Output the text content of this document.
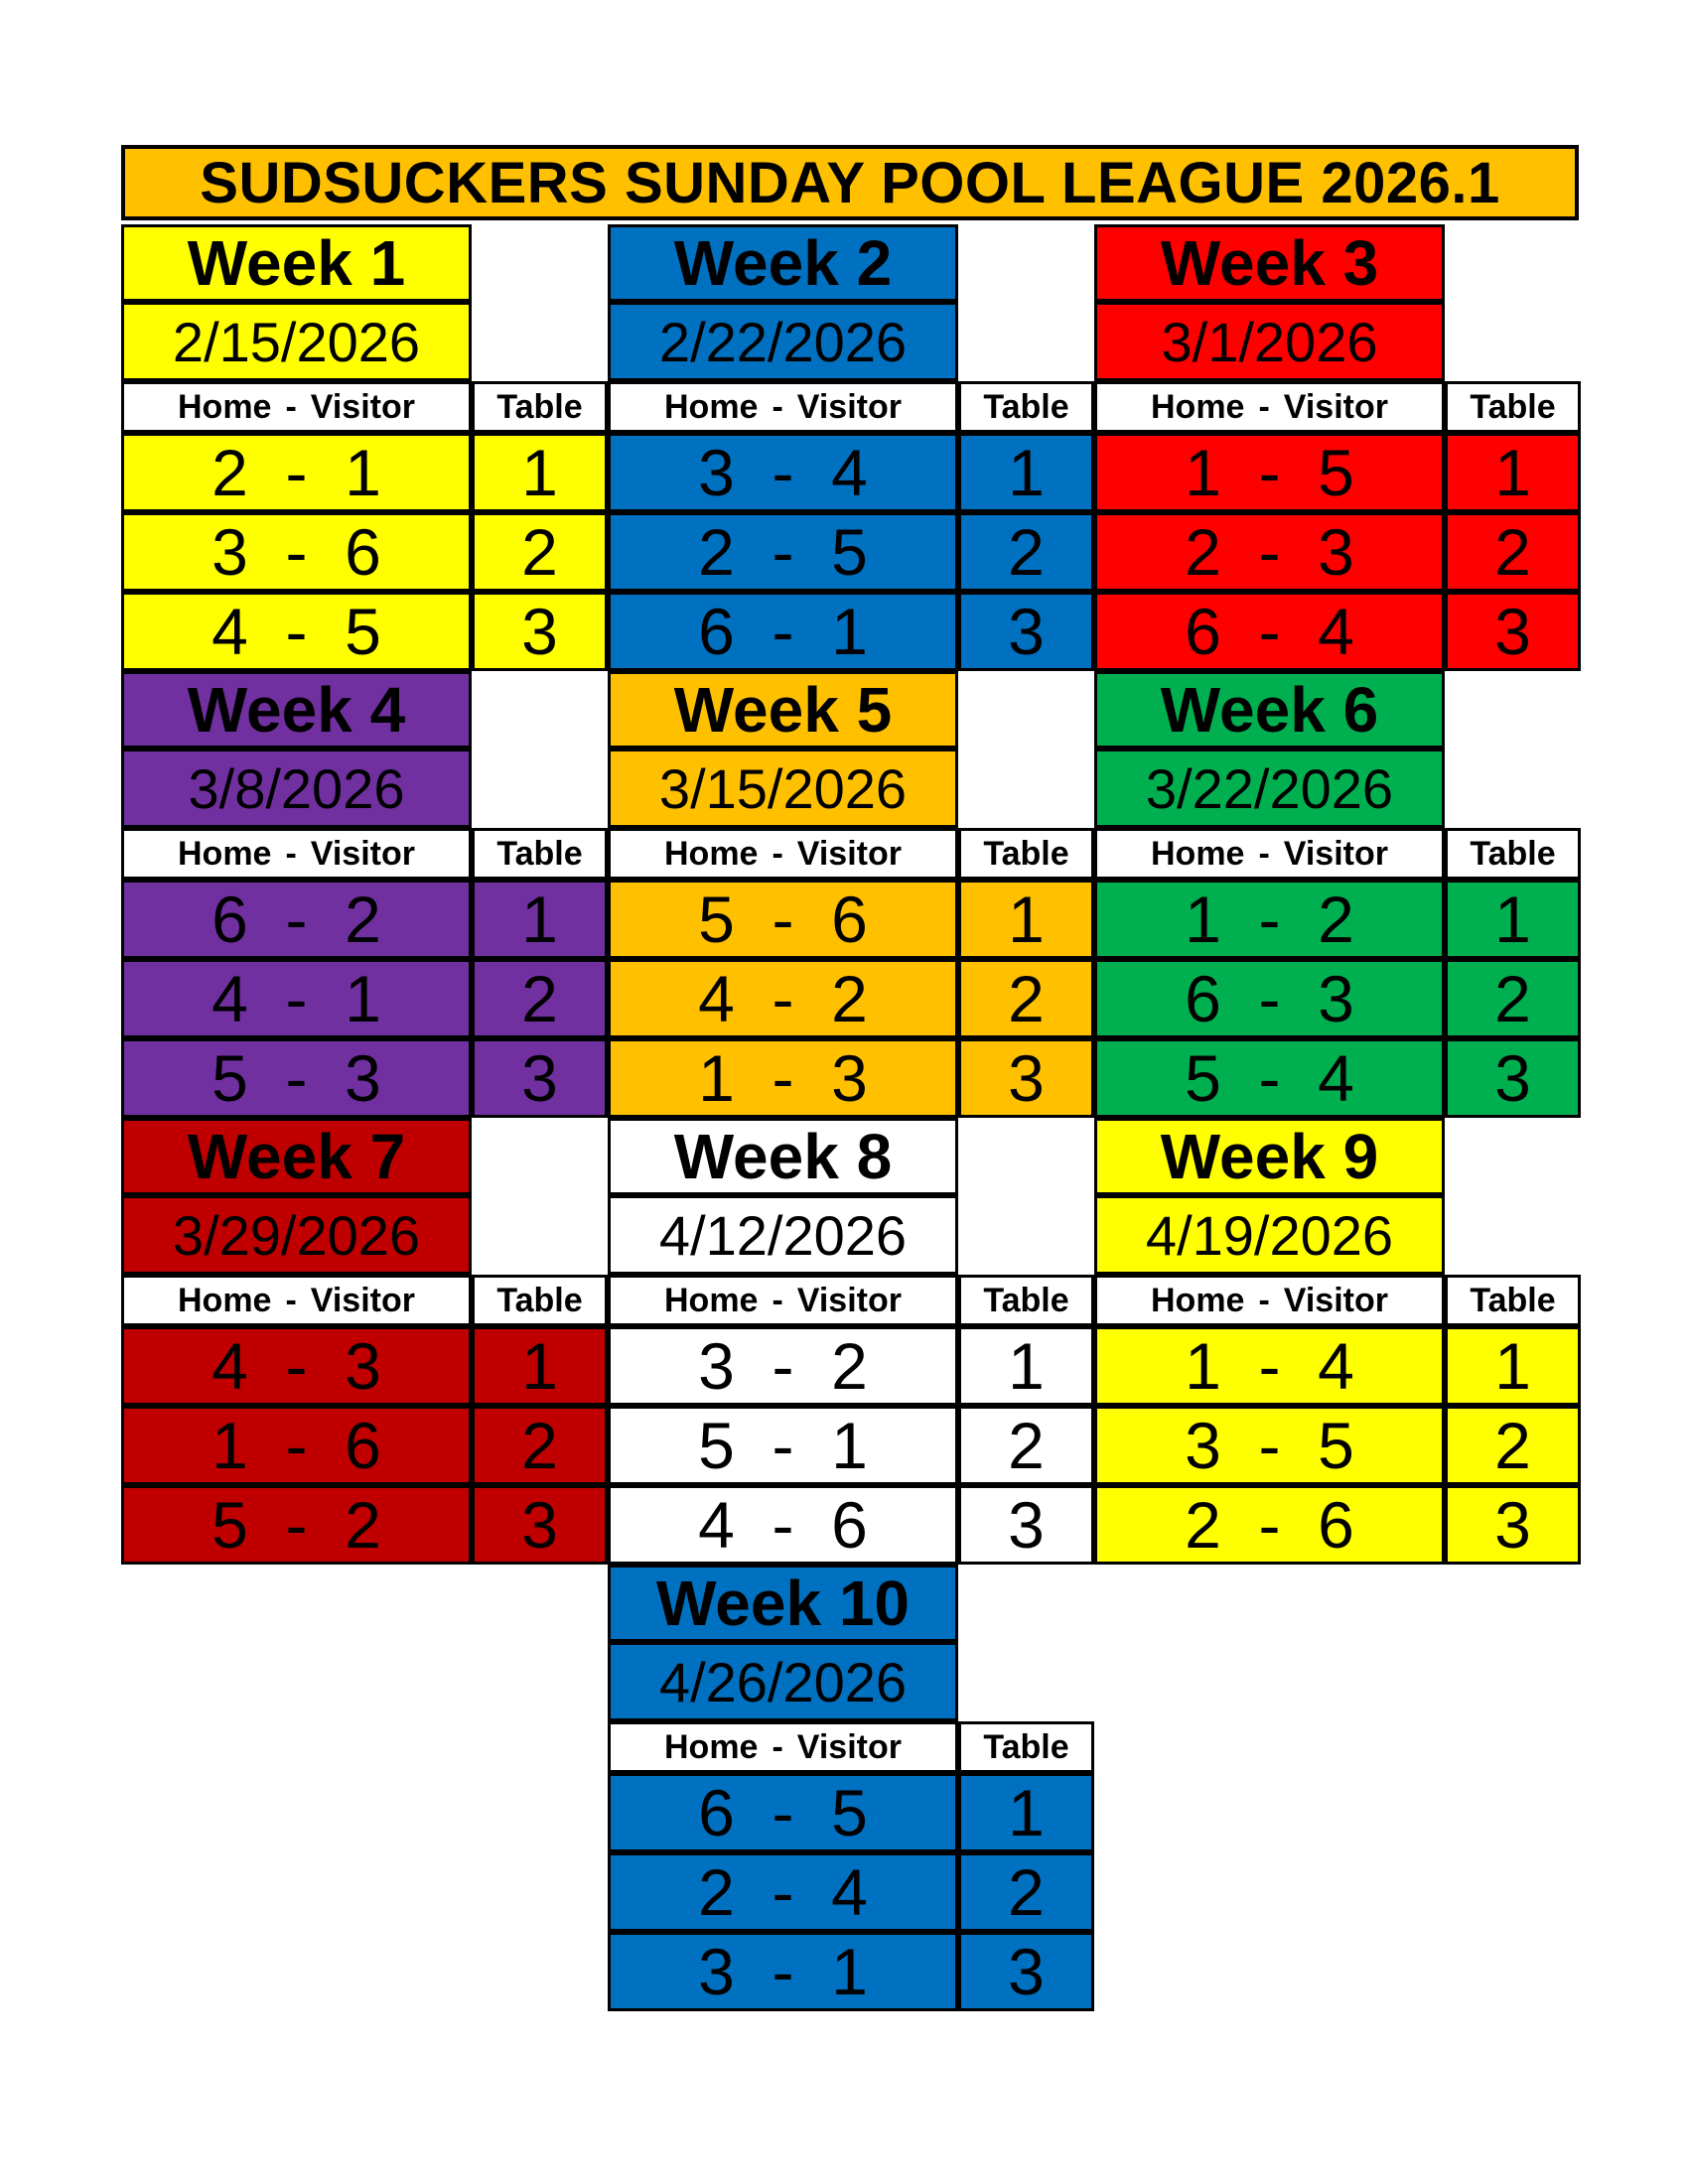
SUDSUCKERS SUNDAY POOL LEAGUE 2026.1
Week 1
2/15/2026
Home - Visitor	Table
2 - 1	1
3 - 6	2
4 - 5	3
Week 2
2/22/2026
Home - Visitor	Table
3 - 4	1
2 - 5	2
6 - 1	3
Week 3
3/1/2026
Home - Visitor	Table
1 - 5	1
2 - 3	2
6 - 4	3
Week 4
3/8/2026
Home - Visitor	Table
6 - 2	1
4 - 1	2
5 - 3	3
Week 5
3/15/2026
Home - Visitor	Table
5 - 6	1
4 - 2	2
1 - 3	3
Week 6
3/22/2026
Home - Visitor	Table
1 - 2	1
6 - 3	2
5 - 4	3
Week 7
3/29/2026
Home - Visitor	Table
4 - 3	1
1 - 6	2
5 - 2	3
Week 8
4/12/2026
Home - Visitor	Table
3 - 2	1
5 - 1	2
4 - 6	3
Week 9
4/19/2026
Home - Visitor	Table
1 - 4	1
3 - 5	2
2 - 6	3
Week 10
4/26/2026
Home - Visitor	Table
6 - 5	1
2 - 4	2
3 - 1	3
